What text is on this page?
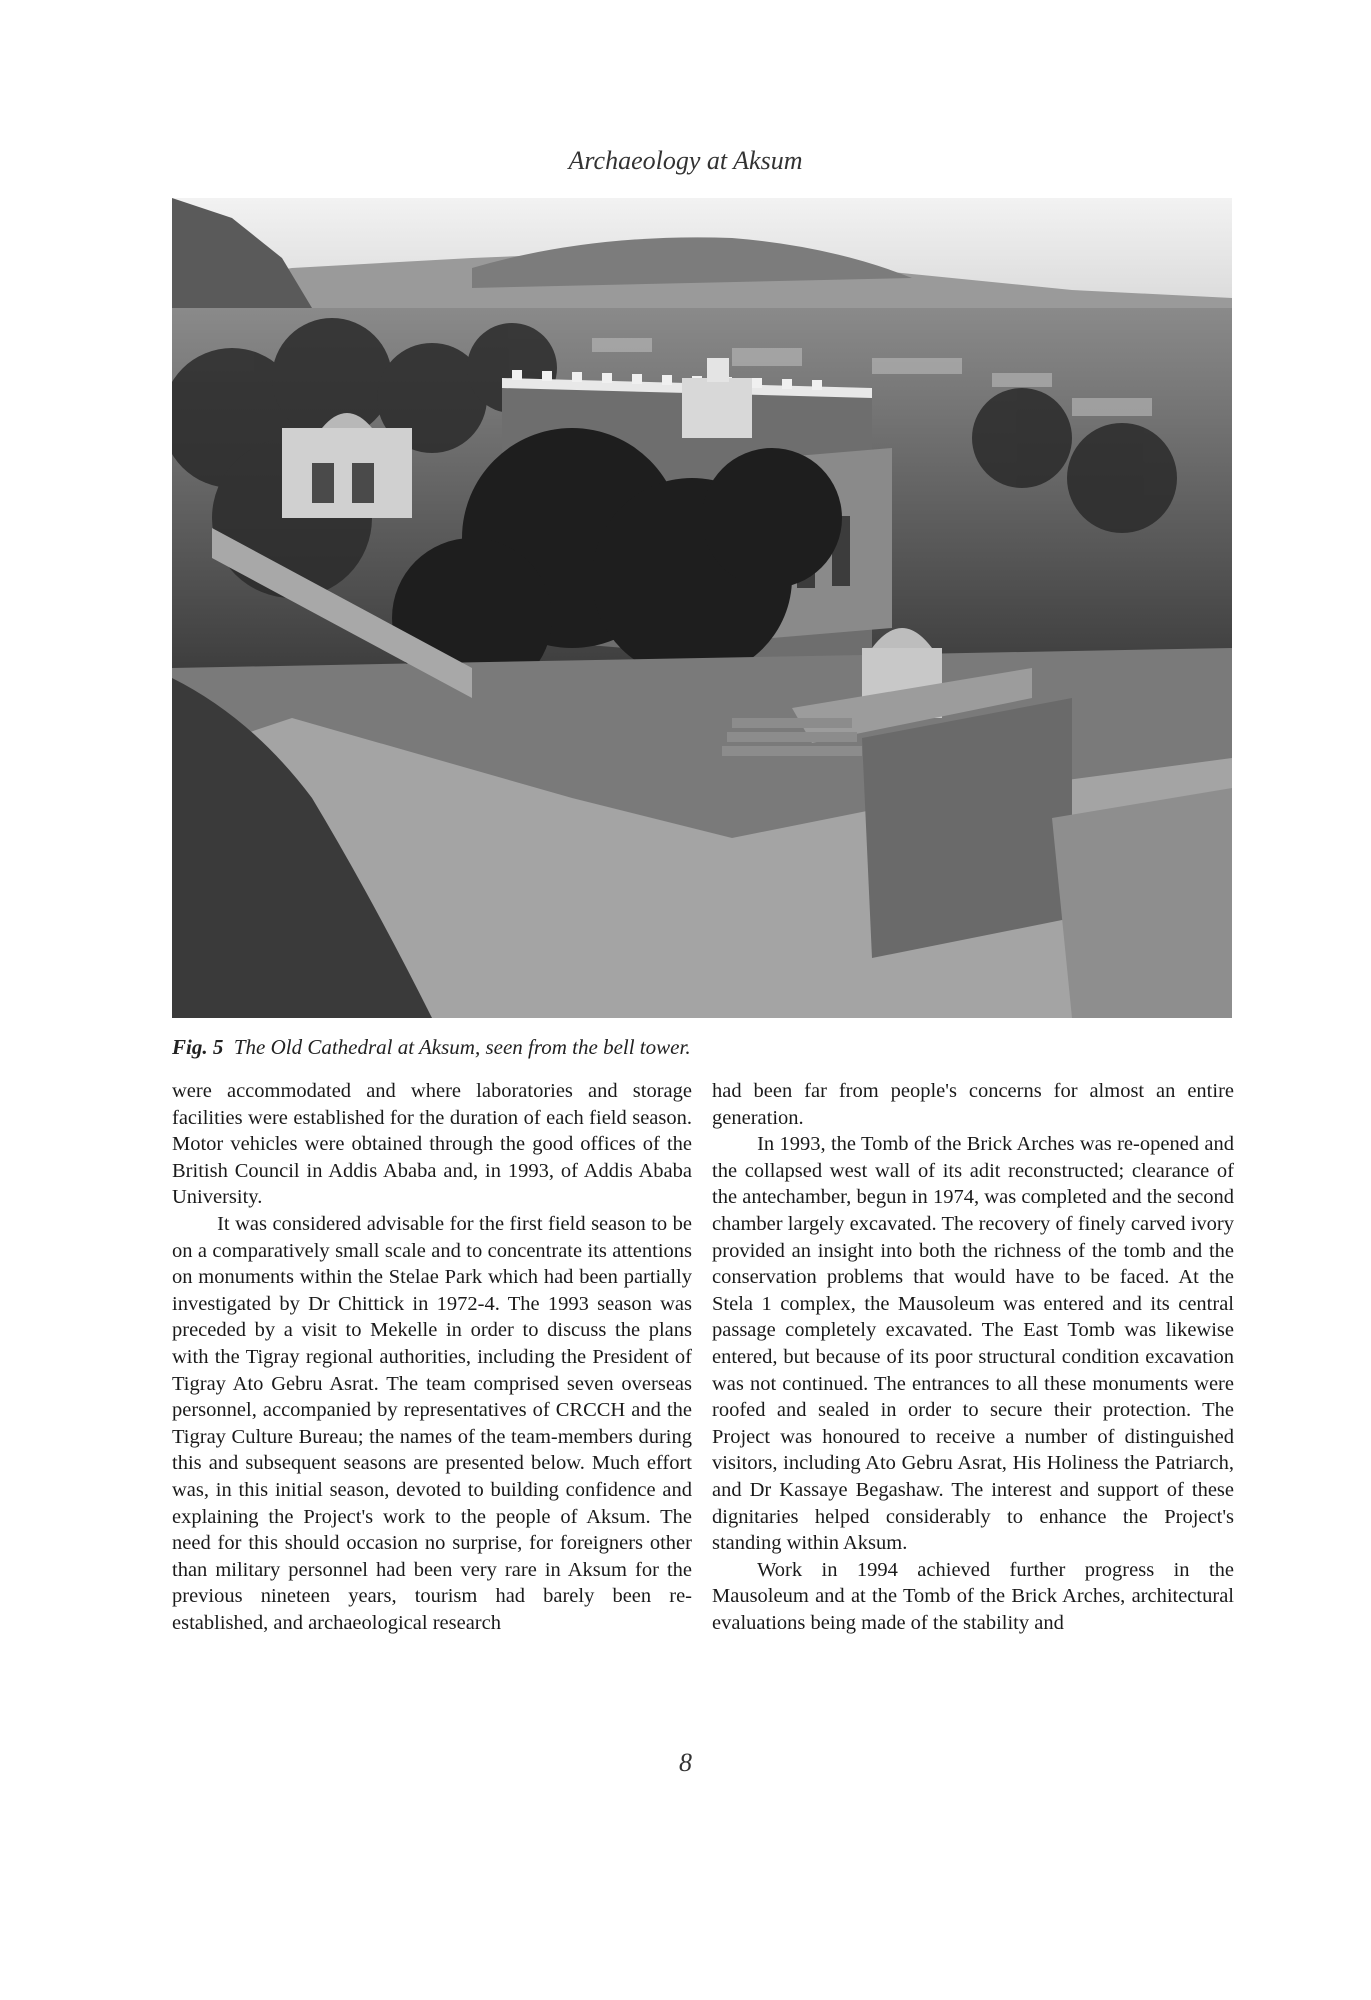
Archaeology at Aksum
Fig. 5 The Old Cathedral at Aksum, seen from the bell tower.

were accommodated and where laboratories and storage facilities were established for the duration of each field season. Motor vehicles were obtained through the good offices of the British Council in Addis Ababa and, in 1993, of Addis Ababa University.

It was considered advisable for the first field season to be on a comparatively small scale and to concentrate its attentions on monuments within the Stelae Park which had been partially investigated by Dr Chittick in 1972-4. The 1993 season was preceded by a visit to Mekelle in order to discuss the plans with the Tigray regional authorities, including the President of Tigray Ato Gebru Asrat. The team comprised seven overseas personnel, accompanied by representatives of CRCCH and the Tigray Culture Bureau; the names of the team-members during this and subsequent seasons are presented below. Much effort was, in this initial season, devoted to building confidence and explaining the Project's work to the people of Aksum. The need for this should occasion no surprise, for foreigners other than military personnel had been very rare in Aksum for the previous nineteen years, tourism had barely been re-established, and archaeological research

had been far from people's concerns for almost an entire generation.

In 1993, the Tomb of the Brick Arches was re-opened and the collapsed west wall of its adit reconstructed; clearance of the antechamber, begun in 1974, was completed and the second chamber largely excavated. The recovery of finely carved ivory provided an insight into both the richness of the tomb and the conservation problems that would have to be faced. At the Stela 1 complex, the Mausoleum was entered and its central passage completely excavated. The East Tomb was likewise entered, but because of its poor structural condition excavation was not continued. The entrances to all these monuments were roofed and sealed in order to secure their protection. The Project was honoured to receive a number of distinguished visitors, including Ato Gebru Asrat, His Holiness the Patriarch, and Dr Kassaye Begashaw. The interest and support of these dignitaries helped considerably to enhance the Project's standing within Aksum.

Work in 1994 achieved further progress in the Mausoleum and at the Tomb of the Brick Arches, architectural evaluations being made of the stability and

8
